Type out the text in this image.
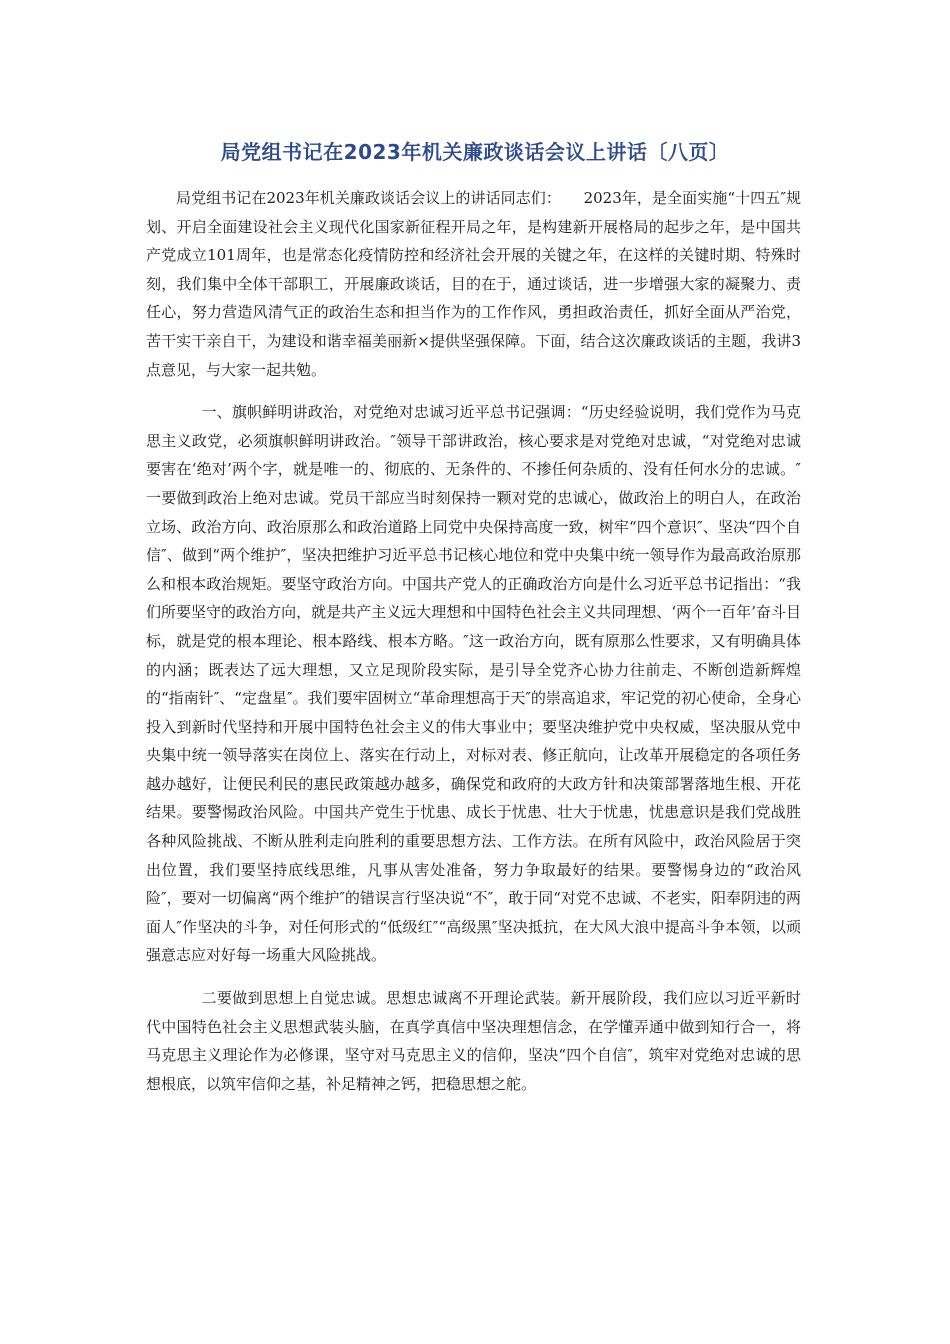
局党组书记在2023年机关廉政谈话会议上讲话〔八页〕

局党组书记在2023年机关廉政谈话会议上的讲话同志们：　　2023年，是全面实施“十四五″规划、开启全面建设社会主义现代化国家新征程开局之年，是构建新开展格局的起步之年，是中国共产党成立101周年，也是常态化疫情防控和经济社会开展的关键之年，在这样的关键时期、特殊时刻，我们集中全体干部职工，开展廉政谈话，目的在于，通过谈话，进一步增强大家的凝聚力、责任心，努力营造风清气正的政治生态和担当作为的工作作风，勇担政治责任，抓好全面从严治党，苦干实干亲自干，为建设和谐幸福美丽新×提供坚强保障。下面，结合这次廉政谈话的主题，我讲3点意见，与大家一起共勉。

一、旗帜鲜明讲政治，对党绝对忠诚习近平总书记强调：“历史经验说明，我们党作为马克思主义政党，必须旗帜鲜明讲政治。″领导干部讲政治，核心要求是对党绝对忠诚，“对党绝对忠诚要害在‘绝对’两个字，就是唯一的、彻底的、无条件的、不掺任何杂质的、没有任何水分的忠诚。″一要做到政治上绝对忠诚。党员干部应当时刻保持一颗对党的忠诚心，做政治上的明白人，在政治立场、政治方向、政治原那么和政治道路上同党中央保持高度一致，树牢“四个意识″、坚决“四个自信″、做到“两个维护″，坚决把维护习近平总书记核心地位和党中央集中统一领导作为最高政治原那么和根本政治规矩。要坚守政治方向。中国共产党人的正确政治方向是什么习近平总书记指出：“我们所要坚守的政治方向，就是共产主义远大理想和中国特色社会主义共同理想、‘两个一百年’奋斗目标，就是党的根本理论、根本路线、根本方略。″这一政治方向，既有原那么性要求，又有明确具体的内涵；既表达了远大理想，又立足现阶段实际，是引导全党齐心协力往前走、不断创造新辉煌的“指南针″、“定盘星″。我们要牢固树立“革命理想高于天″的崇高追求，牢记党的初心使命，全身心投入到新时代坚持和开展中国特色社会主义的伟大事业中；要坚决维护党中央权威，坚决服从党中央集中统一领导落实在岗位上、落实在行动上，对标对表、修正航向，让改革开展稳定的各项任务越办越好，让便民利民的惠民政策越办越多，确保党和政府的大政方针和决策部署落地生根、开花结果。要警惕政治风险。中国共产党生于忧患、成长于忧患、壮大于忧患，忧患意识是我们党战胜各种风险挑战、不断从胜利走向胜利的重要思想方法、工作方法。在所有风险中，政治风险居于突出位置，我们要坚持底线思维，凡事从害处准备，努力争取最好的结果。要警惕身边的“政治风险″，要对一切偏离“两个维护″的错误言行坚决说“不″，敢于同“对党不忠诚、不老实，阳奉阴违的两面人″作坚决的斗争，对任何形式的“低级红″“高级黑″坚决抵抗，在大风大浪中提高斗争本领，以顽强意志应对好每一场重大风险挑战。

二要做到思想上自觉忠诚。思想忠诚离不开理论武装。新开展阶段，我们应以习近平新时代中国特色社会主义思想武装头脑，在真学真信中坚决理想信念，在学懂弄通中做到知行合一，将马克思主义理论作为必修课，坚守对马克思主义的信仰，坚决“四个自信″，筑牢对党绝对忠诚的思想根底，以筑牢信仰之基，补足精神之钙，把稳思想之舵。
